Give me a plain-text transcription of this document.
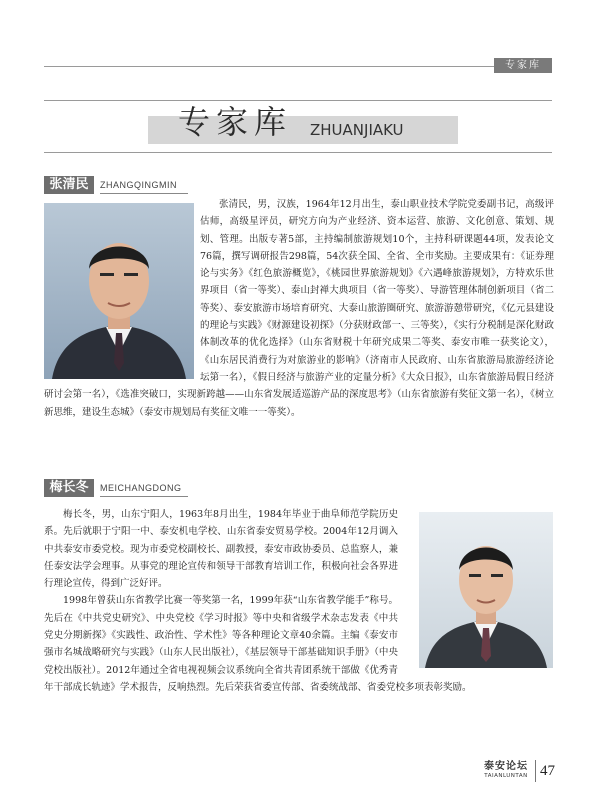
专家库
专家库 ZHUANJIAKU
张清民	ZHANGQINGMIN

张清民，男，汉族，1964年12月出生，泰山职业技术学院党委副书记，高级评估师，高级星评员，研究方向为产业经济、资本运营、旅游、文化创意、策划、规划、管理。出版专著5部，主持编制旅游规划10个，主持科研课题44项，发表论文76篇，撰写调研报告298篇，54次获全国、全省、全市奖励。主要成果有：《证券理论与实务》《红色旅游概览》，《桃园世界旅游规划》《六遇峰旅游规划》，方特欢乐世界项目（省一等奖）、泰山封禅大典项目（省一等奖）、导游管理体制创新项目（省二等奖）、泰安旅游市场培育研究、大泰山旅游圈研究、旅游游憩带研究，《亿元县建设的理论与实践》《财源建设初探》（分获财政部一、三等奖），《实行分税制是深化财政体制改革的优化选择》（山东省财税十年研究成果二等奖、泰安市唯一获奖论文），《山东居民消费行为对旅游业的影响》（济南市人民政府、山东省旅游局旅游经济论坛第一名），《假日经济与旅游产业的定量分析》《大众日报》，山东省旅游局假日经济研讨会第一名），《选准突破口，实现新跨越——山东省发展适巡游产品的深度思考》（山东省旅游有奖征文第一名），《树立新思维，建设生态城》（泰安市规划局有奖征文唯一一等奖）。

梅长冬	MEICHANGDONG

梅长冬，男，山东宁阳人，1963年8月出生，1984年毕业于曲阜师范学院历史系。先后就职于宁阳一中、泰安机电学校、山东省泰安贸易学校。2004年12月调入中共泰安市委党校。现为市委党校副校长、副教授，泰安市政协委员、总监察人，兼任泰安法学会理事。从事党的理论宣传和领导干部教育培训工作，积极向社会各界进行理论宣传，得到广泛好评。

1998年曾获山东省教学比赛一等奖第一名，1999年获“山东省教学能手”称号。先后在《中共党史研究》、中央党校《学习时报》等中央和省级学术杂志发表《中共党史分期新探》《实践性、政治性、学术性》等各种理论文章40余篇。主编《泰安市强市名城战略研究与实践》（山东人民出版社），《基层领导干部基础知识手册》（中央党校出版社）。2012年通过全省电视视频会议系统向全省共青团系统干部做《优秀青年干部成长轨迹》学术报告，反响热烈。先后荣获省委宣传部、省委统战部、省委党校多项表彰奖励。

泰安论坛
TAIANLUNTAN 47
